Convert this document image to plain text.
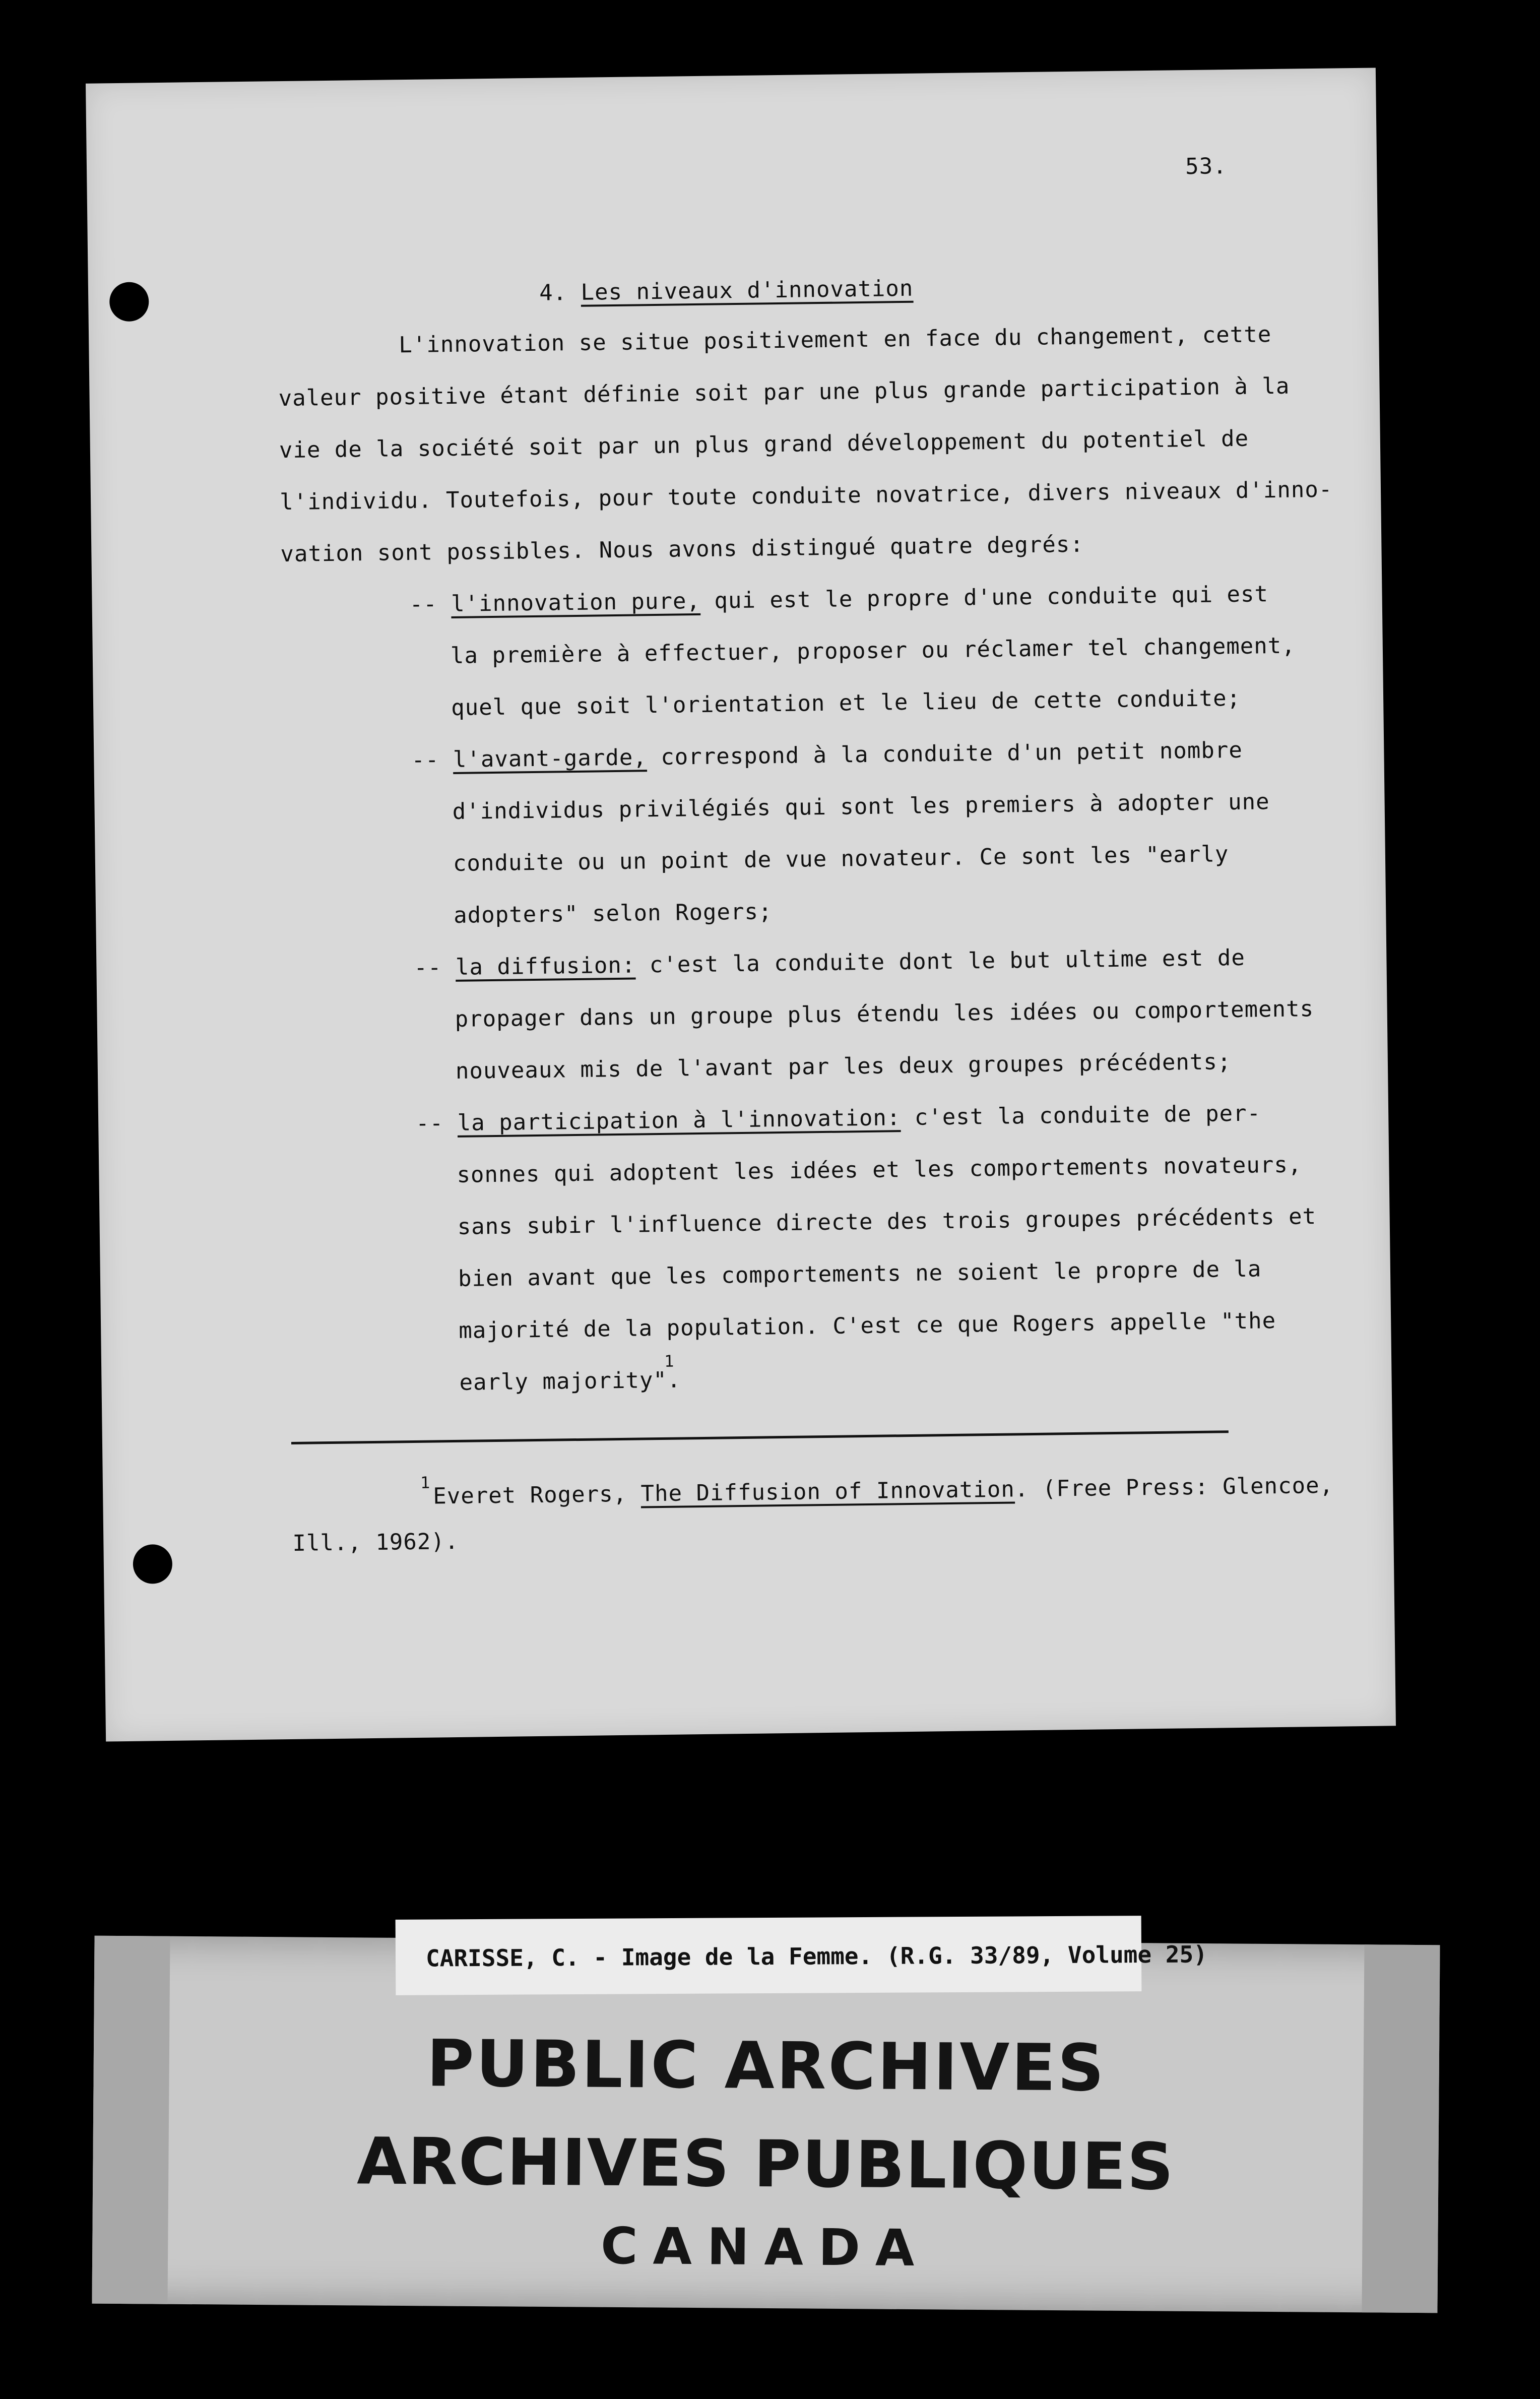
53.
4. Les niveaux d'innovation
L'innovation se situe positivement en face du changement, cette
valeur positive étant définie soit par une plus grande participation à la
vie de la société soit par un plus grand développement du potentiel de
l'individu. Toutefois, pour toute conduite novatrice, divers niveaux d'inno-
vation sont possibles. Nous avons distingué quatre degrés:
-- l'innovation pure, qui est le propre d'une conduite qui est
la première à effectuer, proposer ou réclamer tel changement,
quel que soit l'orientation et le lieu de cette conduite;
-- l'avant-garde, correspond à la conduite d'un petit nombre
d'individus privilégiés qui sont les premiers à adopter une
conduite ou un point de vue novateur. Ce sont les "early
adopters" selon Rogers;
-- la diffusion: c'est la conduite dont le but ultime est de
propager dans un groupe plus étendu les idées ou comportements
nouveaux mis de l'avant par les deux groupes précédents;
-- la participation à l'innovation: c'est la conduite de per-
sonnes qui adoptent les idées et les comportements novateurs,
sans subir l'influence directe des trois groupes précédents et
bien avant que les comportements ne soient le propre de la
majorité de la population. C'est ce que Rogers appelle "the
early majority".
1
1 Everet Rogers, The Diffusion of Innovation. (Free Press: Glencoe,
Ill., 1962).
PUBLIC ARCHIVES
ARCHIVES PUBLIQUES
CANADA
CARISSE, C. - Image de la Femme. (R.G. 33/89, Volume 25)
